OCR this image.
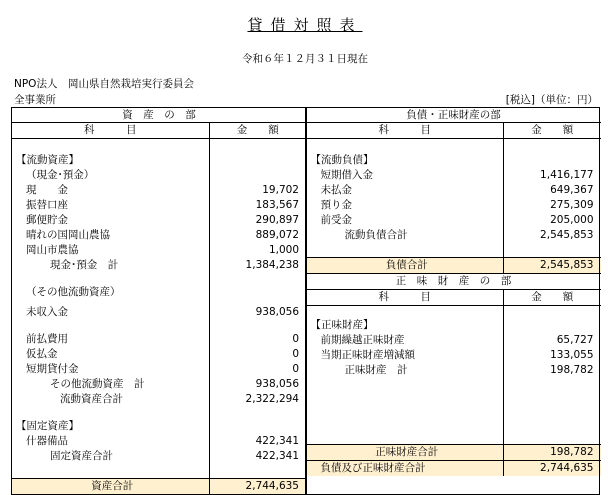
貸借対照表
令和６年１２月３１日現在
NPO法人　岡山県自然栽培実行委員会
全事業所	[税込]（単位：円）
資　産　の　部
科　　　目	金　　額

【流動資産】	
（現金･預金）	
現　　金	19,702
振替口座	183,567
郵便貯金	290,897
晴れの国岡山農協	889,072
岡山市農協	1,000
現金･預金　計	1,384,238

（その他流動資産）	

未収入金	938,056

前払費用	0
仮払金	0
短期貸付金	0
その他流動資産　計	938,056
流動資産合計	2,322,294

【固定資産】	
什器備品	422,341
固定資産合計	422,341

資産合計	2,744,635

負債・正味財産の部
科　　　目	金　　額

【流動負債】	
短期借入金	1,416,177
未払金	649,367
預り金	275,309
前受金	205,000
流動負債合計	2,545,853

負債合計	2,545,853
正　味　財　産　の　部
科　　　目	金　　額

【正味財産】	
前期繰越正味財産	65,727
当期正味財産増減額	133,055
正味財産　計	198,782

正味財産合計	198,782
負債及び正味財産合計	2,744,635
